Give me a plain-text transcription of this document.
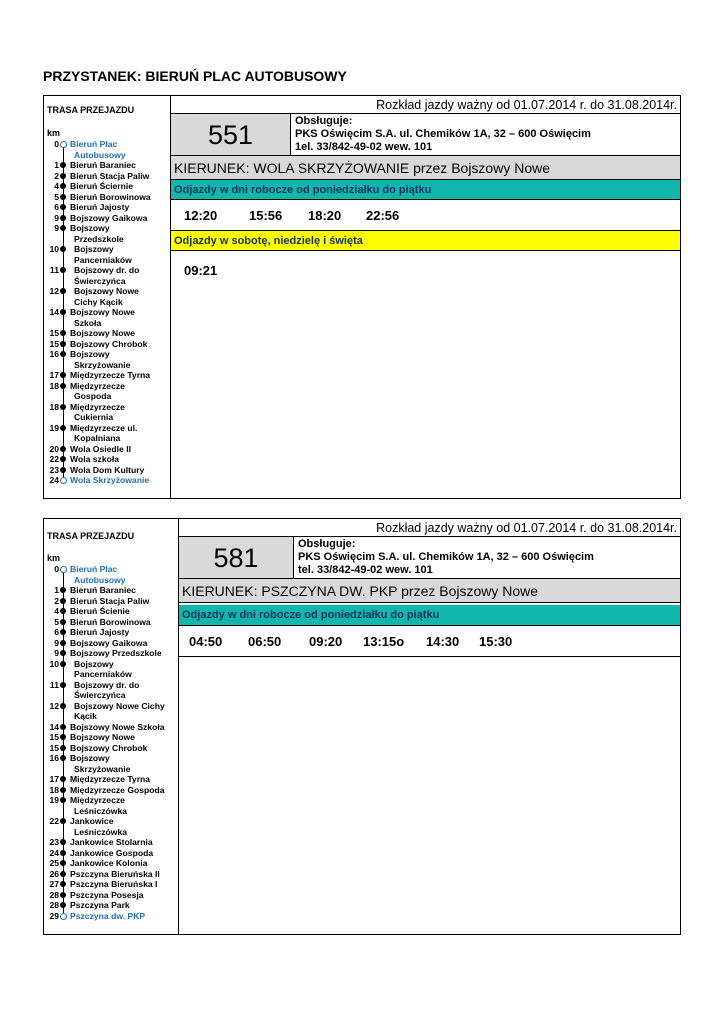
PRZYSTANEK: BIERUŃ PLAC AUTOBUSOWY
TRASA PRZEJAZDU
km
0 Bieruń Plac
Autobusowy
1 Bieruń Baraniec
2 Bieruń Stacja Paliw
4 Bieruń Ściernie
5 Bieruń Borowinowa
6 Bieruń Jajosty
9 Bojszowy Gaikowa
9 Bojszowy
Przedszkole
10 Bojszowy
Pancerniaków
11 Bojszowy dr. do
Świerczyńca
12 Bojszowy Nowe
Cichy Kącik
14 Bojszowy Nowe
Szkoła
15 Bojszowy Nowe
15 Bojszowy Chrobok
16 Bojszowy
Skrzyżowanie
17 Międzyrzecze Tyrna
18 Międzyrzecze
Gospoda
18 Międzyrzecze
Cukiernia
19 Międzyrzecze ul.
Kopalniana
20 Wola Osiedle II
22 Wola szkoła
23 Wola Dom Kultury
24 Wola Skrzyżowanie
Rozkład jazdy ważny od 01.07.2014 r. do 31.08.2014r.
551	Obsługuje:
PKS Oświęcim S.A. ul. Chemików 1A, 32 – 600 Oświęcim
1el. 33/842-49-02 wew. 101
KIERUNEK: WOLA SKRZYŻOWANIE przez Bojszowy Nowe
Odjazdy w dni robocze od poniedziałku do piątku
12:20 15:56 18:20 22:56
Odjazdy w sobotę, niedzielę i święta
09:21
TRASA PRZEJAZDU
km
0 Bieruń Plac
Autobusowy
1 Bieruń Baraniec
2 Bieruń Stacja Paliw
4 Bieruń Ścienie
5 Bieruń Borowinowa
6 Bieruń Jajosty
9 Bojszowy Gaikowa
9 Bojszowy Przedszkole
10 Bojszowy
Pancerniaków
11 Bojszowy dr. do
Świerczyńca
12 Bojszowy Nowe Cichy
Kącik
14 Bojszowy Nowe Szkoła
15 Bojszowy Nowe
15 Bojszowy Chrobok
16 Bojszowy
Skrzyżowanie
17 Międzyrzecze Tyrna
18 Międzyrzecze Gospoda
19 Międzyrzecze
Leśniczówka
22 Jankowice
Leśniczówka
23 Jankowice Stolarnia
24 Jankowice Gospoda
25 Jankowice Kolonia
26 Pszczyna Bieruńska II
27 Pszczyna Bieruńska I
28 Pszczyna Posesja
28 Pszczyna Park
29 Pszczyna dw. PKP
Rozkład jazdy ważny od 01.07.2014 r. do 31.08.2014r.
581	Obsługuje:
PKS Oświęcim S.A. ul. Chemików 1A, 32 – 600 Oświęcim
tel. 33/842-49-02 wew. 101
KIERUNEK: PSZCZYNA DW. PKP przez Bojszowy Nowe
Odjazdy w dni robocze od poniedziałku do piątku
04:50 06:50 09:20 13:15o 14:30 15:30
